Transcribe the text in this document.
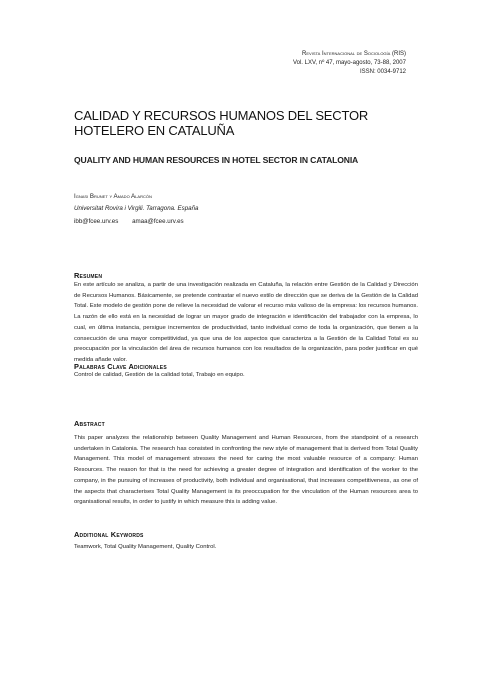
Revista Internacional de Sociología (RIS)
Vol. LXV, nº 47, mayo-agosto, 73-88, 2007
ISSN: 0034-9712
CALIDAD Y RECURSOS HUMANOS DEL SECTOR HOTELERO EN CATALUÑA
QUALITY AND HUMAN RESOURCES IN HOTEL SECTOR IN CATALONIA
Ignasi Brunet y Amado Alarcón
Universitat Rovira i Virgili. Tarragona. España
ibb@fcee.urv.es amaa@fcee.urv.es
Resumen

En este artículo se analiza, a partir de una investigación realizada en Cataluña, la relación entre Gestión de la Calidad y Dirección de Recursos Humanos. Básicamente, se pretende contrastar el nuevo estilo de dirección que se deriva de la Gestión de la Calidad Total. Este modelo de gestión pone de relieve la necesidad de valorar el recurso más valioso de la empresa: los recursos humanos. La razón de ello está en la necesidad de lograr un mayor grado de integración e identificación del trabajador con la empresa, lo cual, en última instancia, persigue incrementos de productividad, tanto individual como de toda la organización, que tienen a la consecución de una mayor competitividad, ya que una de los aspectos que caracteriza a la Gestión de la Calidad Total es su preocupación por la vinculación del área de recursos humanos con los resultados de la organización, para poder justificar en qué medida añade valor.

Palabras Clave Adicionales

Control de calidad, Gestión de la calidad total, Trabajo en equipo.

Abstract

This paper analyzes the relationship between Quality Management and Human Resources, from the standpoint of a research undertaken in Catalonia. The research has consisted in confronting the new style of management that is derived from Total Quality Management. This model of management stresses the need for caring the most valuable resource of a company: Human Resources. The reason for that is the need for achieving a greater degree of integration and identification of the worker to the company, in the pursuing of increases of productivity, both individual and organisational, that increases competitiveness, as one of the aspects that characterises Total Quality Management is its preoccupation for the vinculation of the Human resources area to organisational results, in order to justify in which measure this is adding value.

Additional Keywords

Teamwork, Total Quality Management, Quality Control.
